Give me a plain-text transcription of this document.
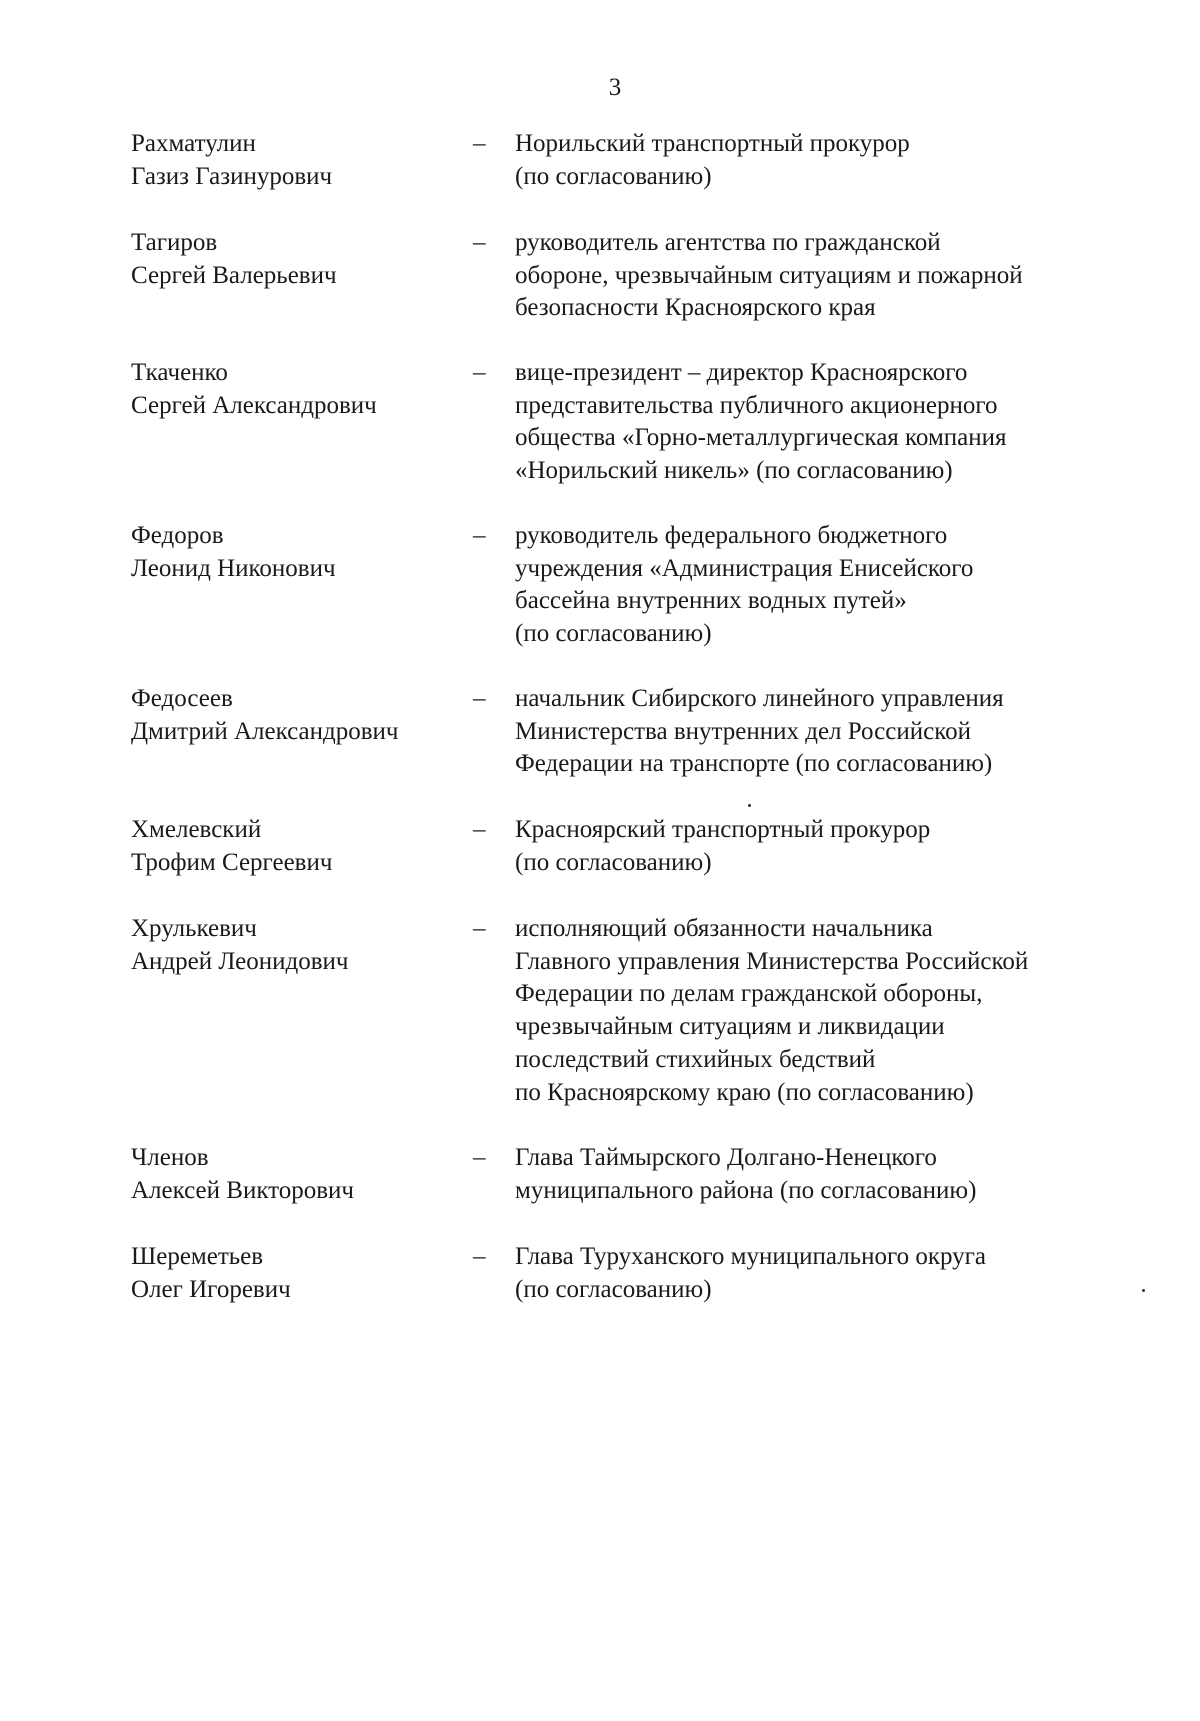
3
Рахматулин
Газиз Газинурович
– Норильский транспортный прокурор
(по согласованию)
Тагиров
Сергей Валерьевич
– руководитель агентства по гражданской
обороне, чрезвычайным ситуациям и пожарной
безопасности Красноярского края
Ткаченко
Сергей Александрович
– вице-президент – директор Красноярского
представительства публичного акционерного
общества «Горно-металлургическая компания
«Норильский никель» (по согласованию)
Федоров
Леонид Никонович
– руководитель федерального бюджетного
учреждения «Администрация Енисейского
бассейна внутренних водных путей»
(по согласованию)
Федосеев
Дмитрий Александрович
– начальник Сибирского линейного управления
Министерства внутренних дел Российской
Федерации на транспорте (по согласованию)
Хмелевский
Трофим Сергеевич
– Красноярский транспортный прокурор
(по согласованию)
Хрулькевич
Андрей Леонидович
– исполняющий обязанности начальника
Главного управления Министерства Российской
Федерации по делам гражданской обороны,
чрезвычайным ситуациям и ликвидации
последствий стихийных бедствий
по Красноярскому краю (по согласованию)
Членов
Алексей Викторович
– Глава Таймырского Долгано-Ненецкого
муниципального района (по согласованию)
Шереметьев
Олег Игоревич
– Глава Туруханского муниципального округа
(по согласованию)
